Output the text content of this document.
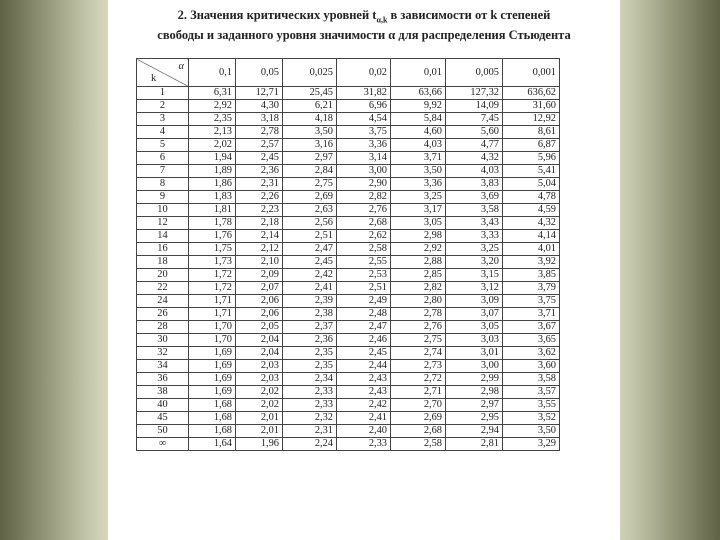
2. Значения критических уровней $t_{\alpha,k}$ в зависимости от k степеней
свободы и заданного уровня значимости α для распределения Стьюдента
α
k	0,1	0,05	0,025	0,02	0,01	0,005	0,001
1	6,31	12,71	25,45	31,82	63,66	127,32	636,62
2	2,92	4,30	6,21	6,96	9,92	14,09	31,60
3	2,35	3,18	4,18	4,54	5,84	7,45	12,92
4	2,13	2,78	3,50	3,75	4,60	5,60	8,61
5	2,02	2,57	3,16	3,36	4,03	4,77	6,87
6	1,94	2,45	2,97	3,14	3,71	4,32	5,96
7	1,89	2,36	2,84	3,00	3,50	4,03	5,41
8	1,86	2,31	2,75	2,90	3,36	3,83	5,04
9	1,83	2,26	2,69	2,82	3,25	3,69	4,78
10	1,81	2,23	2,63	2,76	3,17	3,58	4,59
12	1,78	2,18	2,56	2,68	3,05	3,43	4,32
14	1,76	2,14	2,51	2,62	2,98	3,33	4,14
16	1,75	2,12	2,47	2,58	2,92	3,25	4,01
18	1,73	2,10	2,45	2,55	2,88	3,20	3,92
20	1,72	2,09	2,42	2,53	2,85	3,15	3,85
22	1,72	2,07	2,41	2,51	2,82	3,12	3,79
24	1,71	2,06	2,39	2,49	2,80	3,09	3,75
26	1,71	2,06	2,38	2,48	2,78	3,07	3,71
28	1,70	2,05	2,37	2,47	2,76	3,05	3,67
30	1,70	2,04	2,36	2,46	2,75	3,03	3,65
32	1,69	2,04	2,35	2,45	2,74	3,01	3,62
34	1,69	2,03	2,35	2,44	2,73	3,00	3,60
36	1,69	2,03	2,34	2,43	2,72	2,99	3,58
38	1,69	2,02	2,33	2,43	2,71	2,98	3,57
40	1,68	2,02	2,33	2,42	2,70	2,97	3,55
45	1,68	2,01	2,32	2,41	2,69	2,95	3,52
50	1,68	2,01	2,31	2,40	2,68	2,94	3,50
∞	1,64	1,96	2,24	2,33	2,58	2,81	3,29
